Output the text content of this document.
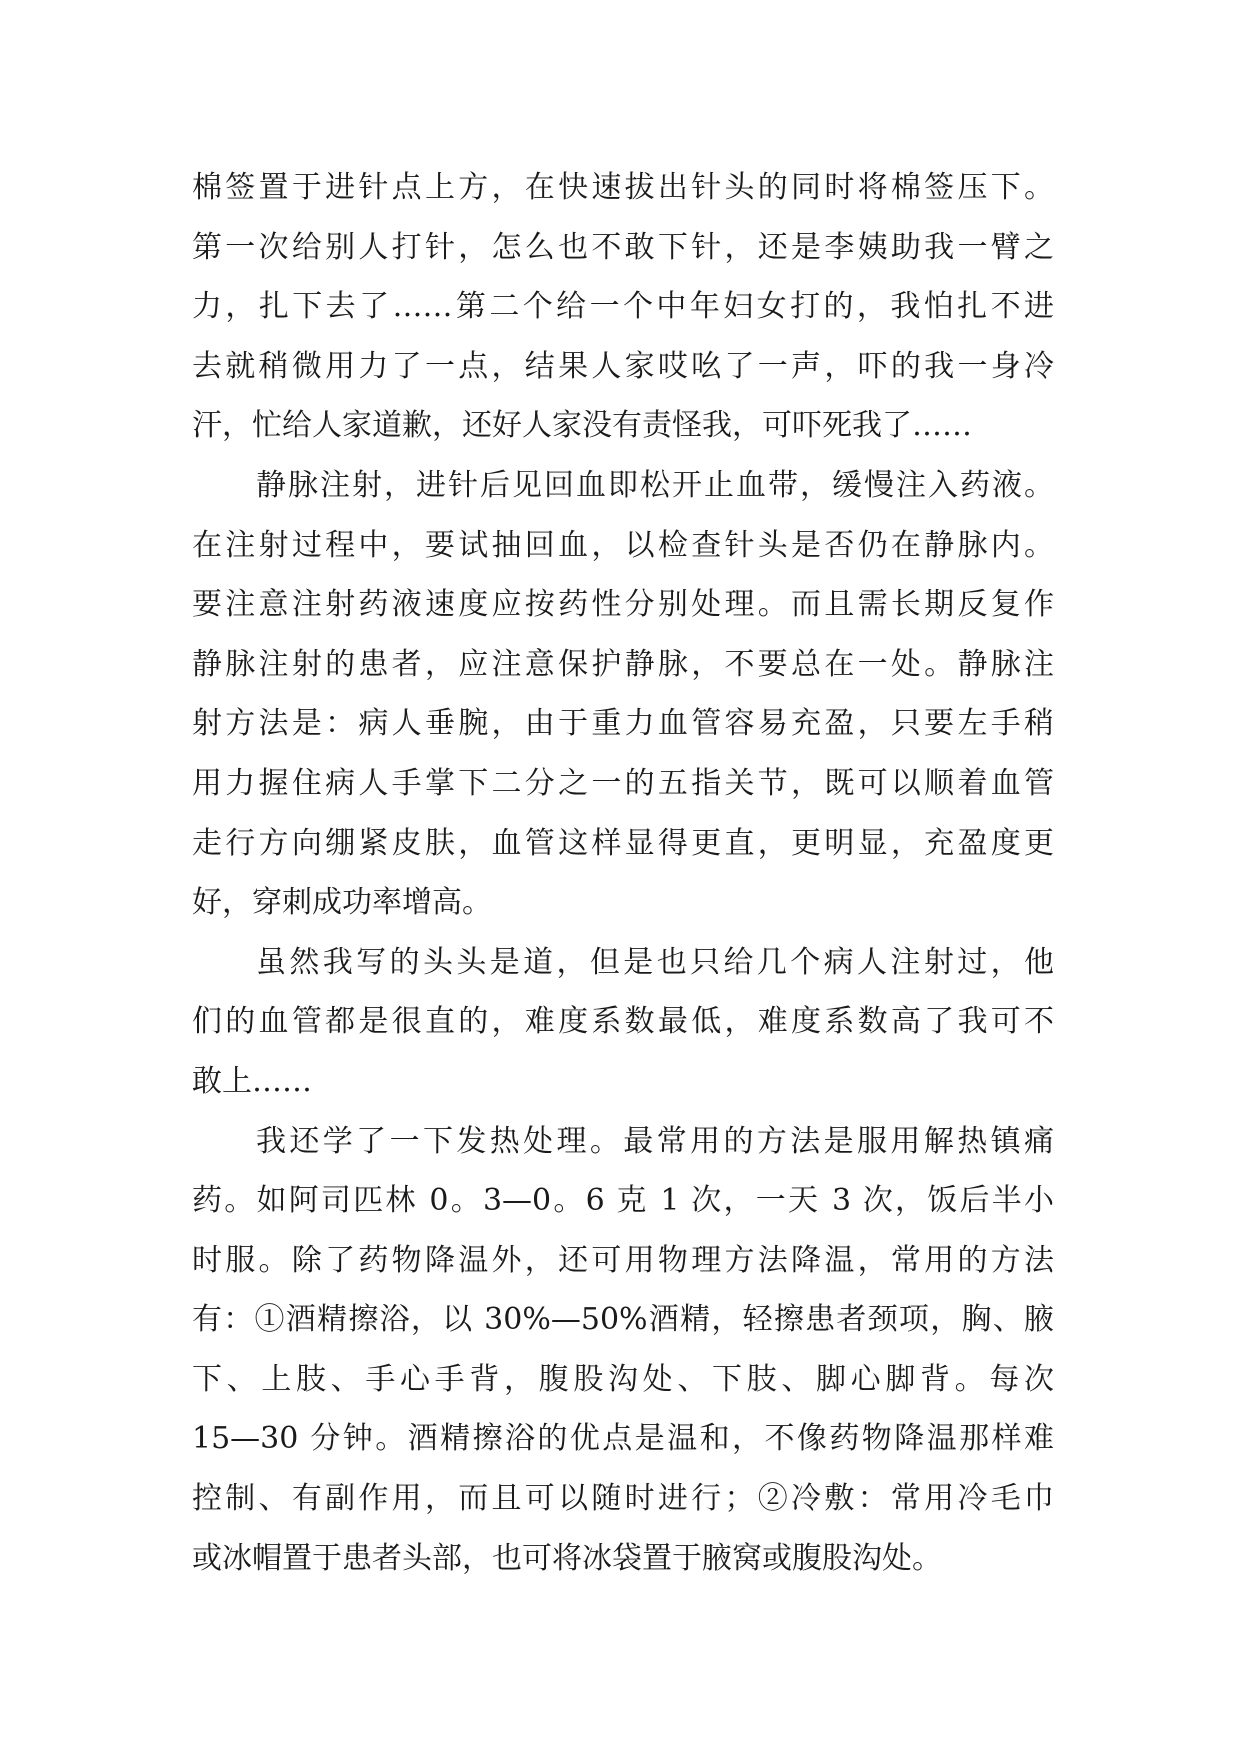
棉签置于进针点上方，在快速拔出针头的同时将棉签压下。
第一次给别人打针，怎么也不敢下针，还是李姨助我一臂之
力，扎下去了……第二个给一个中年妇女打的，我怕扎不进
去就稍微用力了一点，结果人家哎吆了一声，吓的我一身冷
汗，忙给人家道歉，还好人家没有责怪我，可吓死我了……
静脉注射，进针后见回血即松开止血带，缓慢注入药液。
在注射过程中，要试抽回血，以检查针头是否仍在静脉内。
要注意注射药液速度应按药性分别处理。而且需长期反复作
静脉注射的患者，应注意保护静脉，不要总在一处。静脉注
射方法是：病人垂腕，由于重力血管容易充盈，只要左手稍
用力握住病人手掌下二分之一的五指关节，既可以顺着血管
走行方向绷紧皮肤，血管这样显得更直，更明显，充盈度更
好，穿刺成功率增高。
虽然我写的头头是道，但是也只给几个病人注射过，他
们的血管都是很直的，难度系数最低，难度系数高了我可不
敢上……
我还学了一下发热处理。最常用的方法是服用解热镇痛
药。如阿司匹林 0。3—0。6 克 1 次，一天 3 次，饭后半小
时服。除了药物降温外，还可用物理方法降温，常用的方法
有：①酒精擦浴，以 30%—50%酒精，轻擦患者颈项，胸、腋
下、上肢、手心手背，腹股沟处、下肢、脚心脚背。每次
15—30 分钟。酒精擦浴的优点是温和，不像药物降温那样难
控制、有副作用，而且可以随时进行；②冷敷：常用冷毛巾
或冰帽置于患者头部，也可将冰袋置于腋窝或腹股沟处。
